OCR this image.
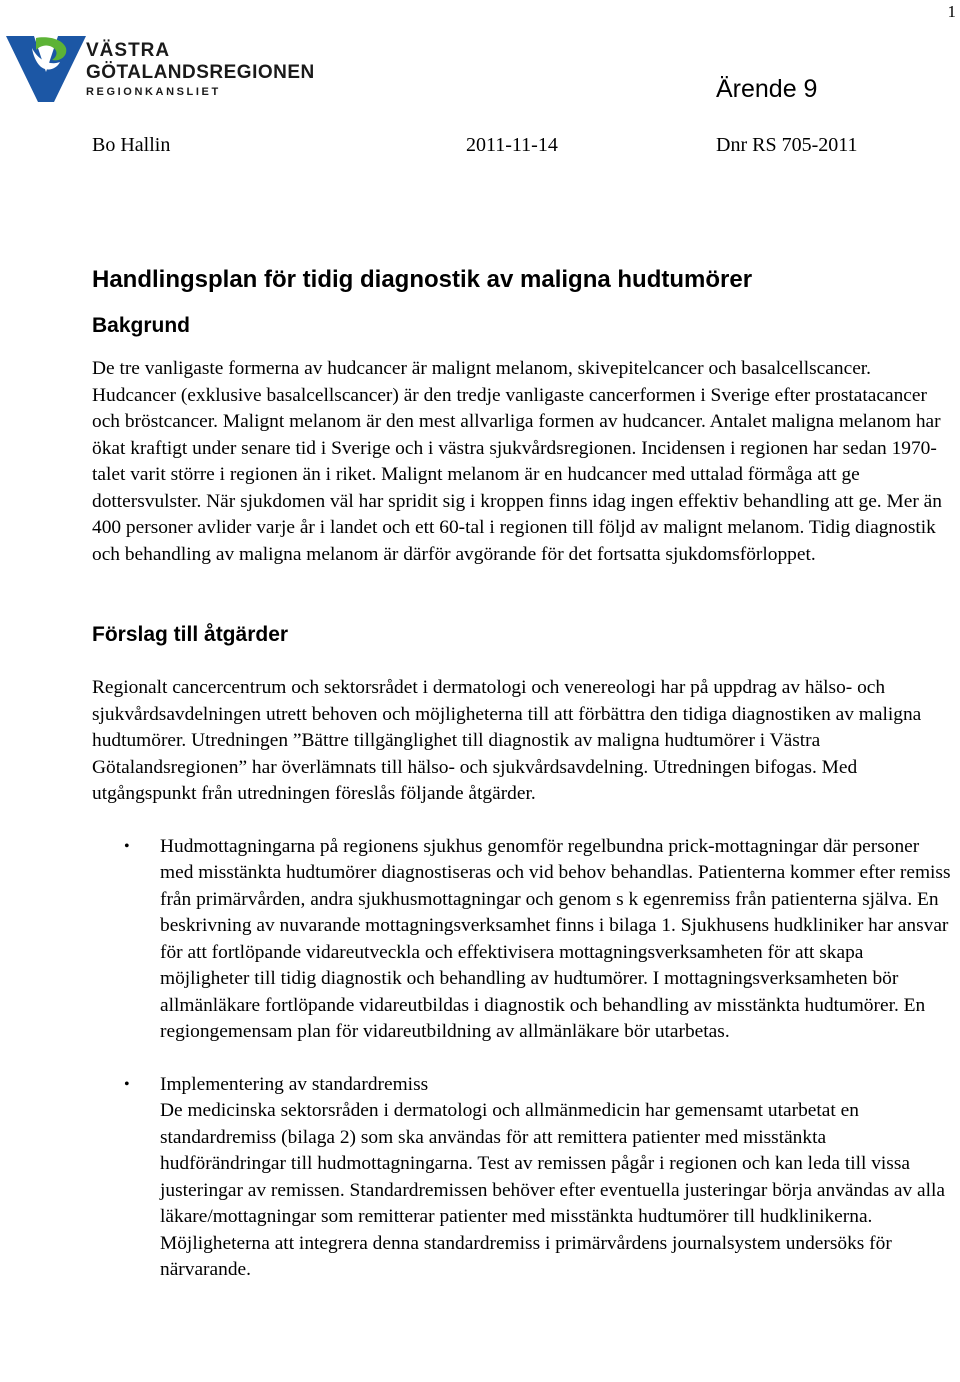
1
VÄSTRA
GÖTALANDSREGIONEN
REGIONKANSLIET	Ärende 9
Bo Hallin	2011-11-14	Dnr RS 705-2011
Handlingsplan för tidig diagnostik av maligna hudtumörer
Bakgrund

De tre vanligaste formerna av hudcancer är malignt melanom, skivepitelcancer och basalcellscancer. Hudcancer (exklusive basalcellscancer) är den tredje vanligaste cancerformen i Sverige efter prostatacancer och bröstcancer. Malignt melanom är den mest allvarliga formen av hudcancer. Antalet maligna melanom har ökat kraftigt under senare tid i Sverige och i västra sjukvårdsregionen. Incidensen i regionen har sedan 1970-talet varit större i regionen än i riket. Malignt melanom är en hudcancer med uttalad förmåga att ge dottersvulster. När sjukdomen väl har spridit sig i kroppen finns idag ingen effektiv behandling att ge. Mer än 400 personer avlider varje år i landet och ett 60-tal i regionen till följd av malignt melanom. Tidig diagnostik och behandling av maligna melanom är därför avgörande för det fortsatta sjukdomsförloppet.

Förslag till åtgärder

Regionalt cancercentrum och sektorsrådet i dermatologi och venereologi har på uppdrag av hälso- och sjukvårdsavdelningen utrett behoven och möjligheterna till att förbättra den tidiga diagnostiken av maligna hudtumörer. Utredningen ”Bättre tillgänglighet till diagnostik av maligna hudtumörer i Västra Götalandsregionen” har överlämnats till hälso- och sjukvårdsavdelning. Utredningen bifogas. Med utgångspunkt från utredningen föreslås följande åtgärder.

• Hudmottagningarna på regionens sjukhus genomför regelbundna prick-mottagningar där personer med misstänkta hudtumörer diagnostiseras och vid behov behandlas. Patienterna kommer efter remiss från primärvården, andra sjukhusmottagningar och genom s k egenremiss från patienterna själva. En beskrivning av nuvarande mottagningsverksamhet finns i bilaga 1. Sjukhusens hudkliniker har ansvar för att fortlöpande vidareutveckla och effektivisera mottagningsverksamheten för att skapa möjligheter till tidig diagnostik och behandling av hudtumörer. I mottagningsverksamheten bör allmänläkare fortlöpande vidareutbildas i diagnostik och behandling av misstänkta hudtumörer. En regiongemensam plan för vidareutbildning av allmänläkare bör utarbetas.
• Implementering av standardremiss
De medicinska sektorsråden i dermatologi och allmänmedicin har gemensamt utarbetat en standardremiss (bilaga 2) som ska användas för att remittera patienter med misstänkta hudförändringar till hudmottagningarna. Test av remissen pågår i regionen och kan leda till vissa justeringar av remissen. Standardremissen behöver efter eventuella justeringar börja användas av alla läkare/mottagningar som remitterar patienter med misstänkta hudtumörer till hudklinikerna. Möjligheterna att integrera denna standardremiss i primärvårdens journalsystem undersöks för närvarande.
